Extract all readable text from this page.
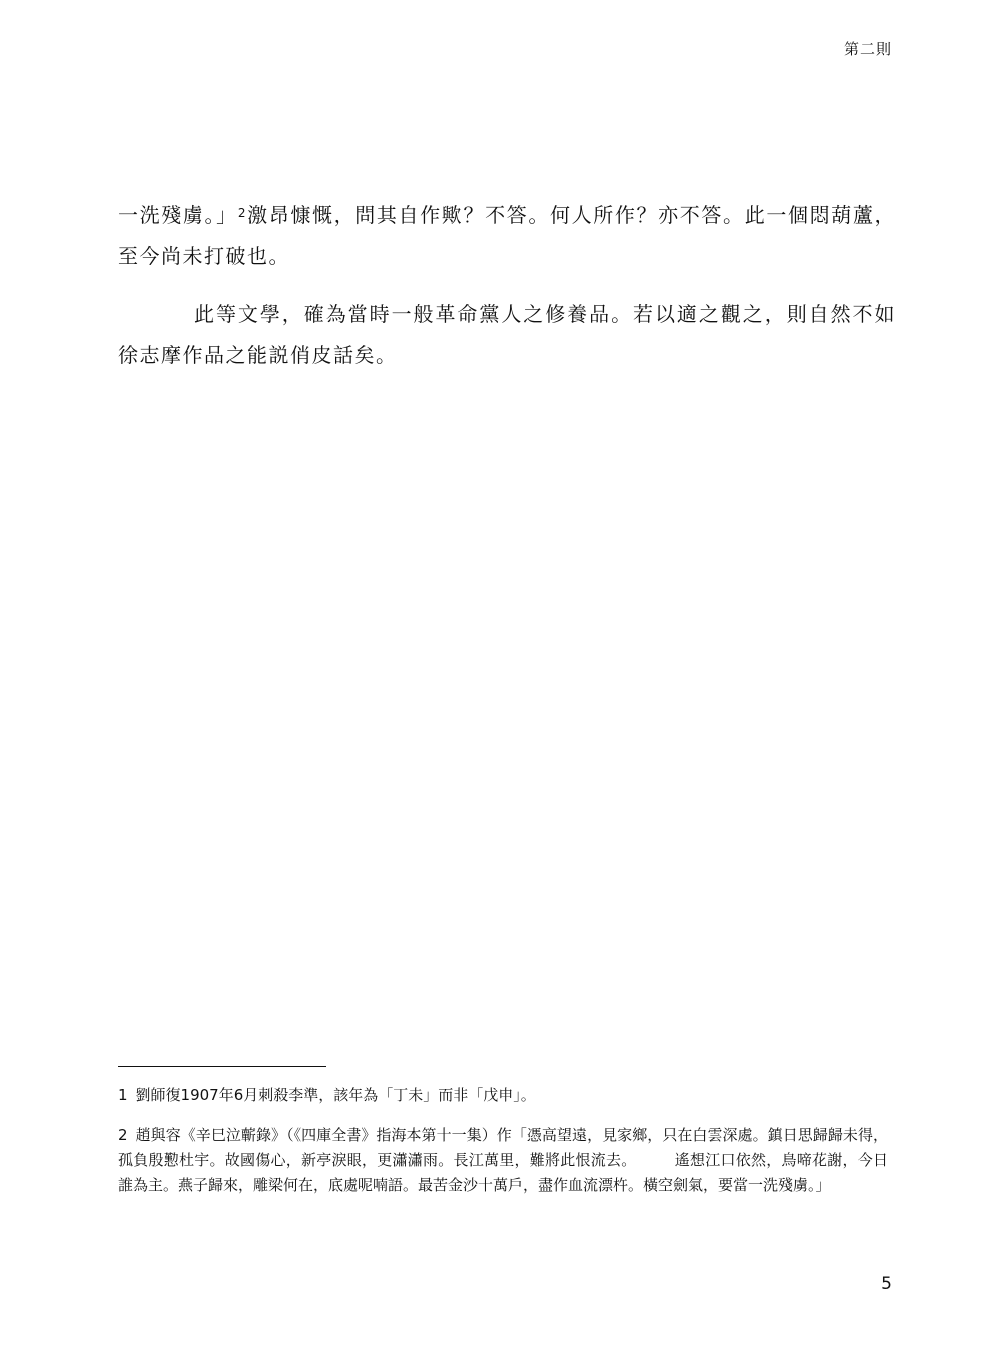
第二則

一洗殘虜。」$^2$激昂慷慨，問其自作歟？不答。何人所作？亦不答。此一個悶葫蘆，至今尚未打破也。

此等文學，確為當時一般革命黨人之修養品。若以適之觀之，則自然不如徐志摩作品之能説俏皮話矣。

1 劉師復1907年6月刺殺李準，該年為「丁未」而非「戊申」。

2 趙與容《辛巳泣蘄錄》（《四庫全書》指海本第十一集）作「憑高望遠，見家鄉，只在白雲深處。鎮日思歸歸未得，孤負殷懃杜宇。故國傷心，新亭淚眼，更瀟瀟雨。長江萬里，難將此恨流去。	遙想江口依然，鳥啼花謝，今日誰為主。燕子歸來，雕梁何在，底處呢喃語。最苦金沙十萬戶，盡作血流漂杵。橫空劍氣，要當一洗殘虜。」

5
